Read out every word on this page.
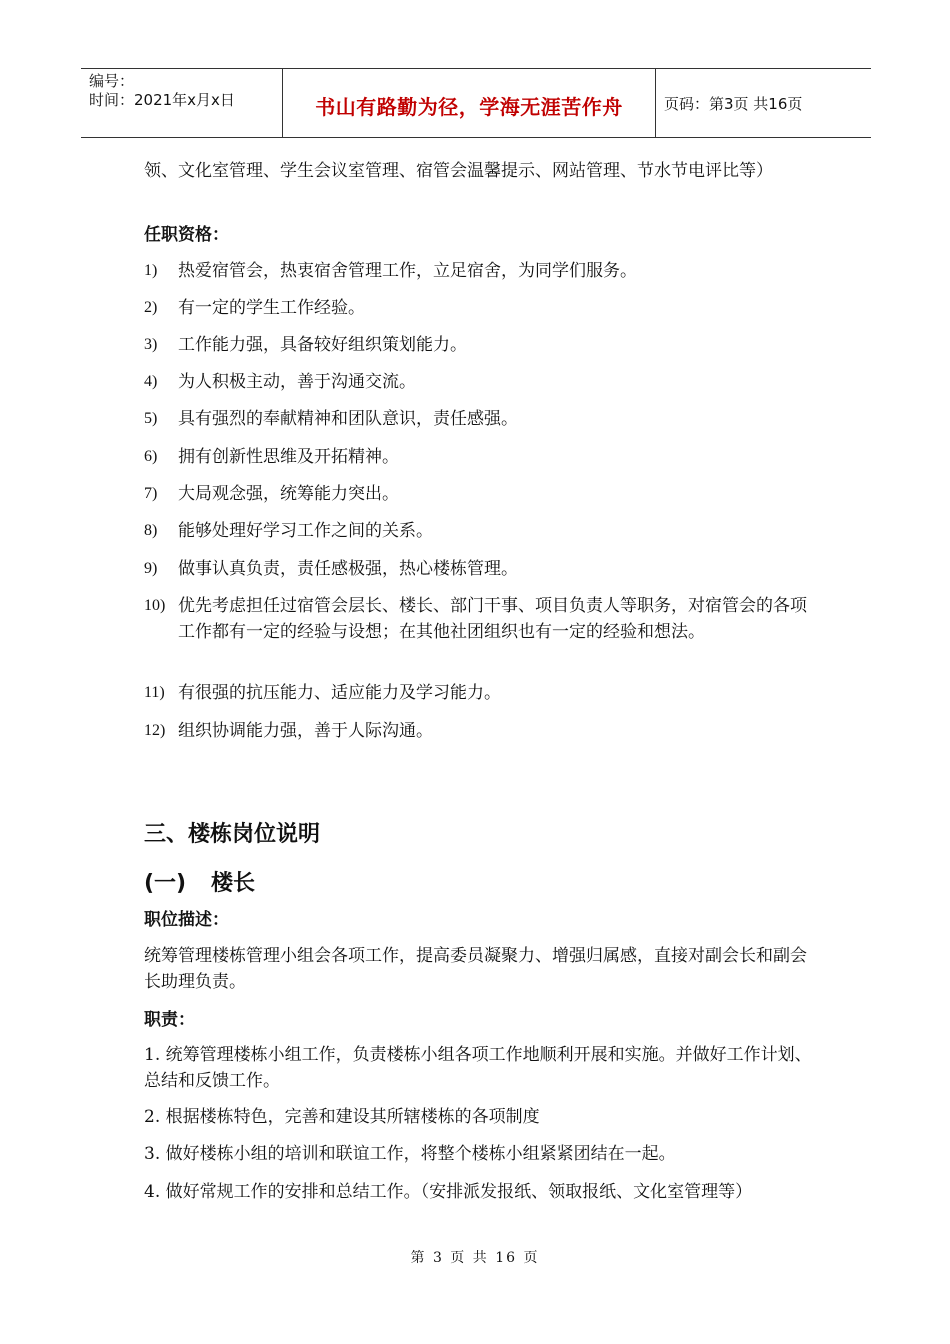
编号：
时间：2021年x月x日	书山有路勤为径，学海无涯苦作舟	页码：第3页 共16页
领、文化室管理、学生会议室管理、宿管会温馨提示、网站管理、节水节电评比等）
任职资格：
1) 热爱宿管会，热衷宿舍管理工作，立足宿舍，为同学们服务。
2) 有一定的学生工作经验。
3) 工作能力强，具备较好组织策划能力。
4) 为人积极主动，善于沟通交流。
5) 具有强烈的奉献精神和团队意识，责任感强。
6) 拥有创新性思维及开拓精神。
7) 大局观念强，统筹能力突出。
8) 能够处理好学习工作之间的关系。
9) 做事认真负责，责任感极强，热心楼栋管理。
10) 优先考虑担任过宿管会层长、楼长、部门干事、项目负责人等职务，对宿管会的各项工作都有一定的经验与设想；在其他社团组织也有一定的经验和想法。
11) 有很强的抗压能力、适应能力及学习能力。
12) 组织协调能力强，善于人际沟通。
三、楼栋岗位说明
(一) 楼长
职位描述：
统筹管理楼栋管理小组会各项工作，提高委员凝聚力、增强归属感，直接对副会长和副会长助理负责。
职责：
1. 统筹管理楼栋小组工作，负责楼栋小组各项工作地顺利开展和实施。并做好工作计划、总结和反馈工作。
2. 根据楼栋特色，完善和建设其所辖楼栋的各项制度
3. 做好楼栋小组的培训和联谊工作，将整个楼栋小组紧紧团结在一起。
4. 做好常规工作的安排和总结工作。（安排派发报纸、领取报纸、文化室管理等）
第 3 页 共 16 页
